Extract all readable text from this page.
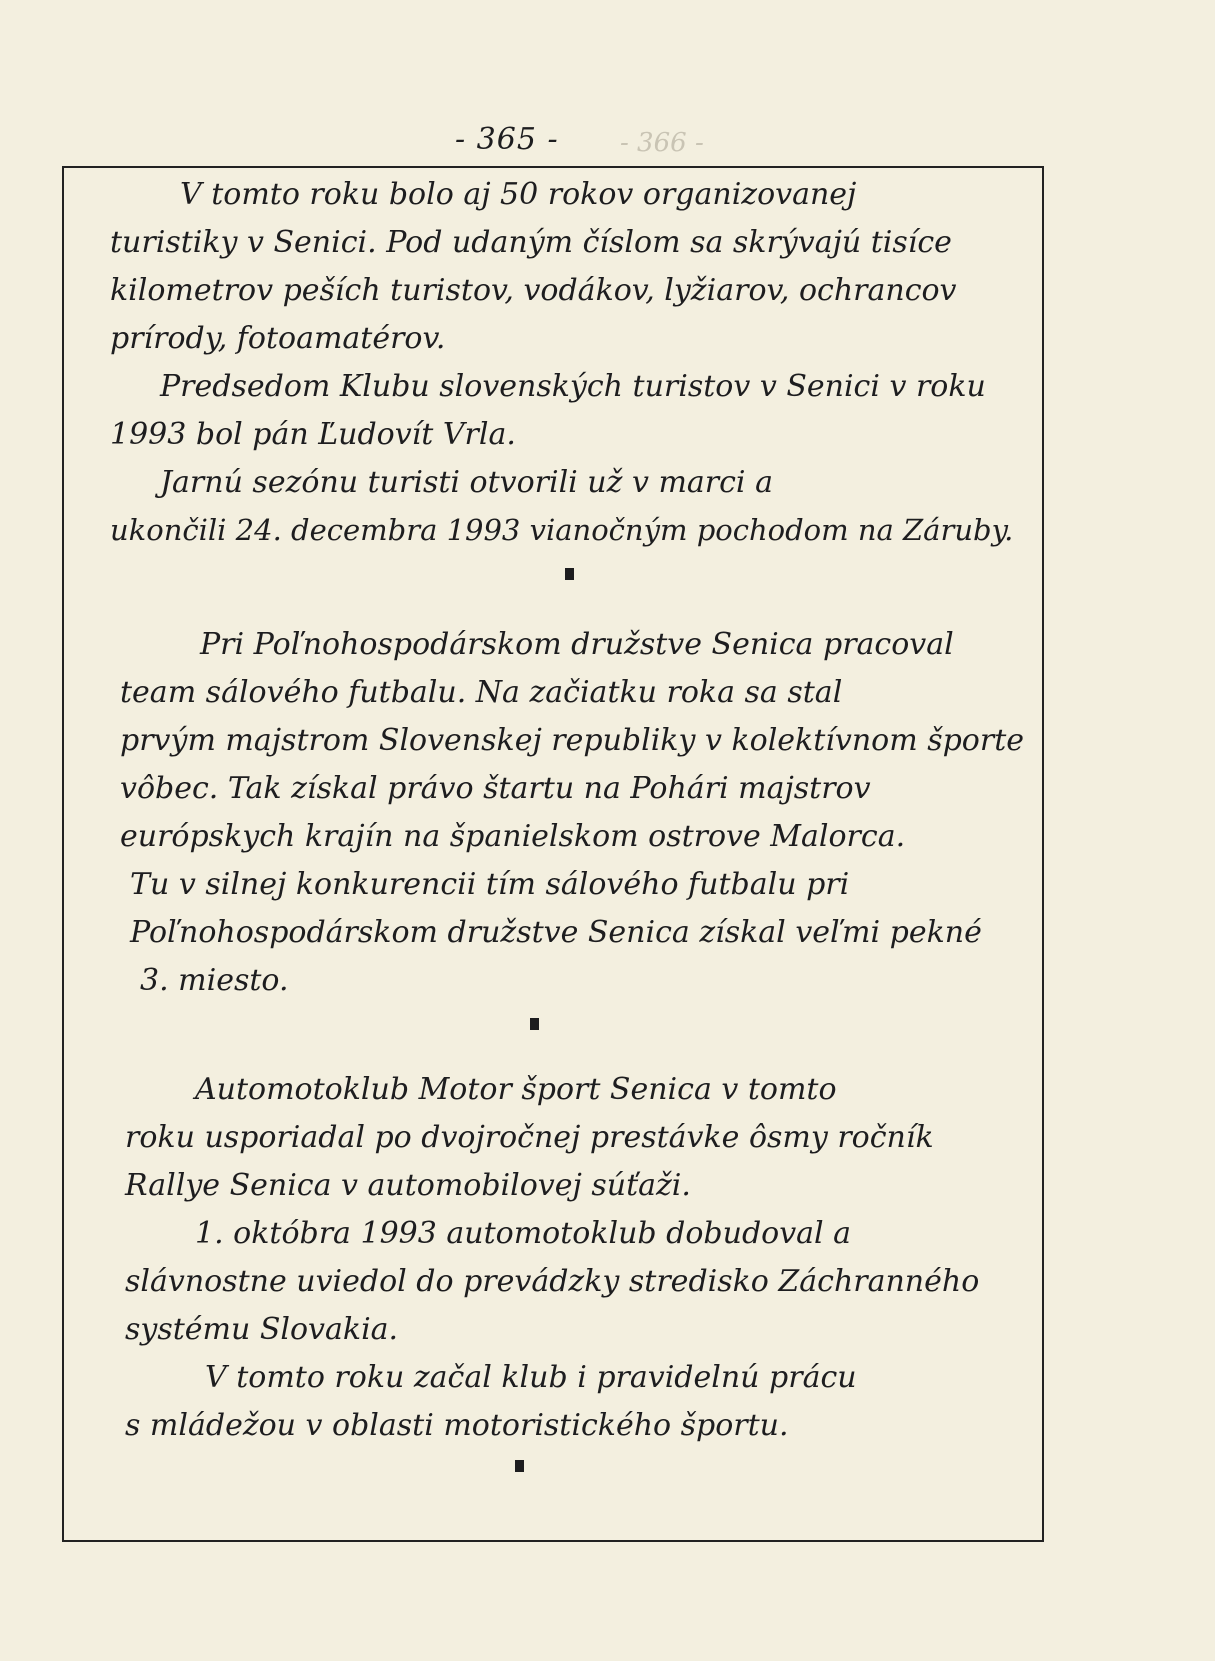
- 365 - - 366 -
V tomto roku bolo aj 50 rokov organizovanej
turistiky v Senici. Pod udaným číslom sa skrývajú tisíce
kilometrov peších turistov, vodákov, lyžiarov, ochrancov
prírody, fotoamatérov.
Predsedom Klubu slovenských turistov v Senici v roku
1993 bol pán Ľudovít Vrla.
Jarnú sezónu turisti otvorili už v marci a
ukončili 24. decembra 1993 vianočným pochodom na Záruby.
Pri Poľnohospodárskom družstve Senica pracoval
team sálového futbalu. Na začiatku roka sa stal
prvým majstrom Slovenskej republiky v kolektívnom športe
vôbec. Tak získal právo štartu na Pohári majstrov
európskych krajín na španielskom ostrove Malorca.
Tu v silnej konkurencii tím sálového futbalu pri
Poľnohospodárskom družstve Senica získal veľmi pekné
3. miesto.
Automotoklub Motor šport Senica v tomto
roku usporiadal po dvojročnej prestávke ôsmy ročník
Rallye Senica v automobilovej súťaži.
1. októbra 1993 automotoklub dobudoval a
slávnostne uviedol do prevádzky stredisko Záchranného
systému Slovakia.
V tomto roku začal klub i pravidelnú prácu
s mládežou v oblasti motoristického športu.
